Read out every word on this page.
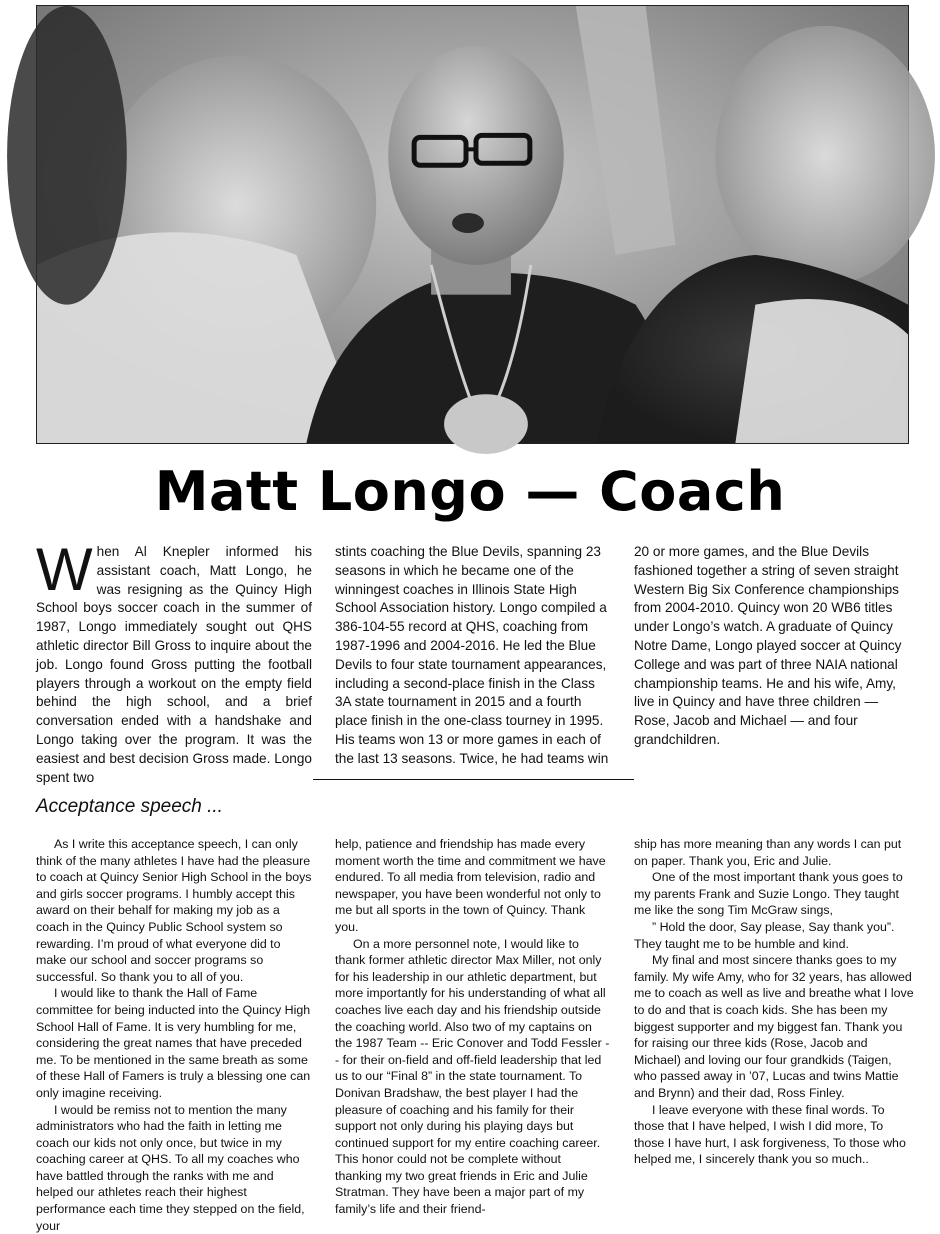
Matt Longo — Coach

When Al Knepler informed his assistant coach, Matt Longo, he was resigning as the Quincy High School boys soccer coach in the summer of 1987, Longo immediately sought out QHS athletic director Bill Gross to inquire about the job. Longo found Gross putting the football players through a workout on the empty field behind the high school, and a brief conversation ended with a handshake and Longo taking over the program. It was the easiest and best decision Gross made. Longo spent two

stints coaching the Blue Devils, spanning 23 seasons in which he became one of the winningest coaches in Illinois State High School Association history. Longo compiled a 386-104-55 record at QHS, coaching from 1987-1996 and 2004-2016. He led the Blue Devils to four state tournament appearances, including a second-place finish in the Class 3A state tournament in 2015 and a fourth place finish in the one-class tourney in 1995. His teams won 13 or more games in each of the last 13 seasons. Twice, he had teams win

20 or more games, and the Blue Devils fashioned together a string of seven straight Western Big Six Conference championships from 2004-2010. Quincy won 20 WB6 titles under Longo’s watch. A graduate of Quincy Notre Dame, Longo played soccer at Quincy College and was part of three NAIA national championship teams. He and his wife, Amy, live in Quincy and have three children — Rose, Jacob and Michael — and four grandchildren.

Acceptance speech ...

As I write this acceptance speech, I can only think of the many athletes I have had the pleasure to coach at Quincy Senior High School in the boys and girls soccer programs. I humbly accept this award on their behalf for making my job as a coach in the Quincy Public School system so rewarding. I’m proud of what everyone did to make our school and soccer programs so successful. So thank you to all of you.

I would like to thank the Hall of Fame committee for being inducted into the Quincy High School Hall of Fame. It is very humbling for me, considering the great names that have preceded me. To be mentioned in the same breath as some of these Hall of Famers is truly a blessing one can only imagine receiving.

I would be remiss not to mention the many administrators who had the faith in letting me coach our kids not only once, but twice in my coaching career at QHS. To all my coaches who have battled through the ranks with me and helped our athletes reach their highest performance each time they stepped on the field, your

help, patience and friendship has made every moment worth the time and commitment we have endured. To all media from television, radio and newspaper, you have been wonderful not only to me but all sports in the town of Quincy. Thank you.

On a more personnel note, I would like to thank former athletic director Max Miller, not only for his leadership in our athletic department, but more importantly for his understanding of what all coaches live each day and his friendship outside the coaching world. Also two of my captains on the 1987 Team -- Eric Conover and Todd Fessler -- for their on-field and off-field leadership that led us to our “Final 8” in the state tournament. To Donivan Bradshaw, the best player I had the pleasure of coaching and his family for their support not only during his playing days but continued support for my entire coaching career. This honor could not be complete without thanking my two great friends in Eric and Julie Stratman. They have been a major part of my family’s life and their friend-

ship has more meaning than any words I can put on paper. Thank you, Eric and Julie.

One of the most important thank yous goes to my parents Frank and Suzie Longo. They taught me like the song Tim McGraw sings,

” Hold the door, Say please, Say thank you”. They taught me to be humble and kind.

My final and most sincere thanks goes to my family. My wife Amy, who for 32 years, has allowed me to coach as well as live and breathe what I love to do and that is coach kids. She has been my biggest supporter and my biggest fan. Thank you for raising our three kids (Rose, Jacob and Michael) and loving our four grandkids (Taigen, who passed away in ’07, Lucas and twins Mattie and Brynn) and their dad, Ross Finley.

I leave everyone with these final words. To those that I have helped, I wish I did more, To those I have hurt, I ask forgiveness, To those who helped me, I sincerely thank you so much..
